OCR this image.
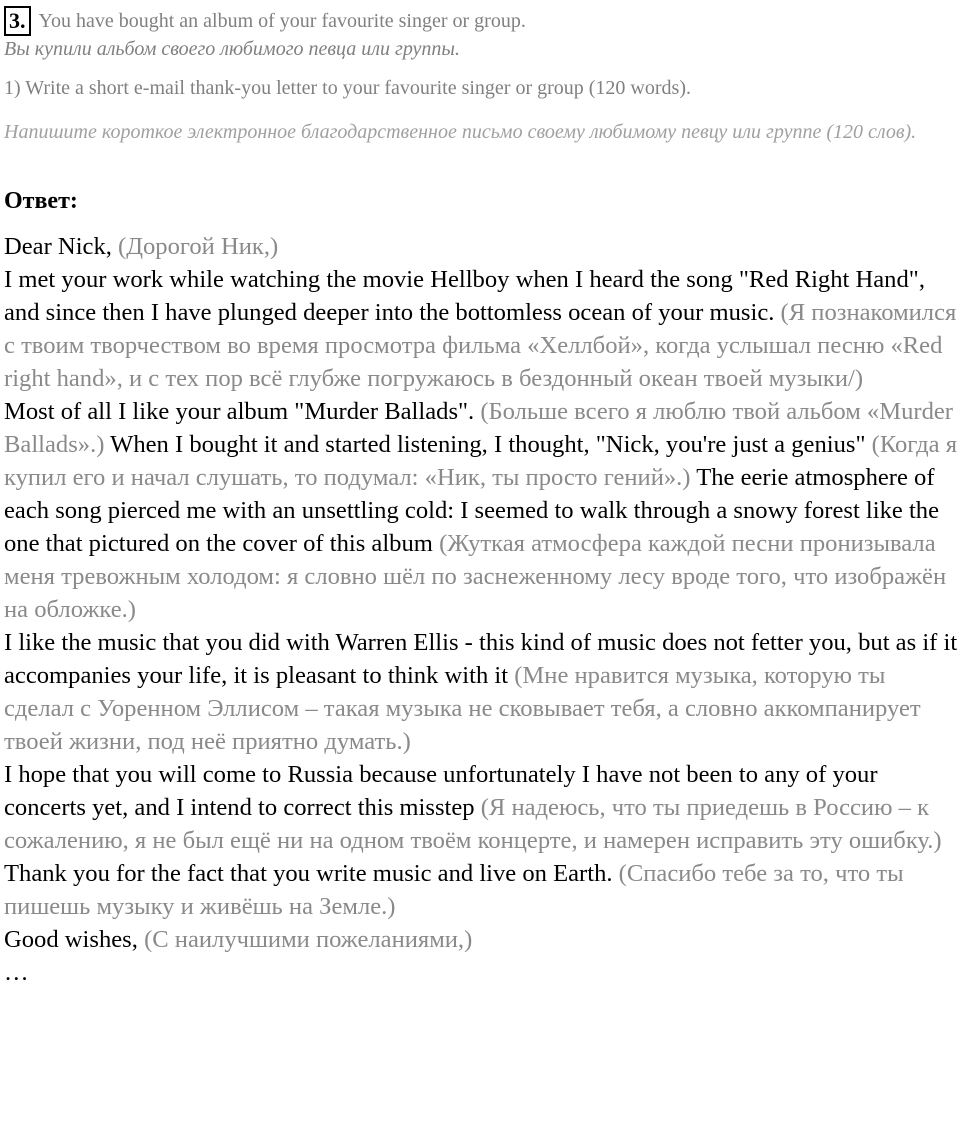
3. You have bought an album of your favourite singer or group.
Вы купили альбом своего любимого певца или группы.
1) Write a short e-mail thank-you letter to your favourite singer or group (120 words).
Напишите короткое электронное благодарственное письмо своему любимому певцу или группе (120 слов).
Ответ:

Dear Nick, (Дорогой Ник,)

I met your work while watching the movie Hellboy when I heard the song "Red Right Hand", and since then I have plunged deeper into the bottomless ocean of your music. (Я познакомился с твоим творчеством во время просмотра фильма «Хеллбой», когда услышал песню «Red right hand», и с тех пор всё глубже погружаюсь в бездонный океан твоей музыки/)

Most of all I like your album "Murder Ballads". (Больше всего я люблю твой альбом «Murder Ballads».) When I bought it and started listening, I thought, "Nick, you're just a genius" (Когда я купил его и начал слушать, то подумал: «Ник, ты просто гений».) The eerie atmosphere of each song pierced me with an unsettling cold: I seemed to walk through a snowy forest like the one that pictured on the cover of this album (Жуткая атмосфера каждой песни пронизывала меня тревожным холодом: я словно шёл по заснеженному лесу вроде того, что изображён на обложке.)

I like the music that you did with Warren Ellis - this kind of music does not fetter you, but as if it accompanies your life, it is pleasant to think with it (Мне нравится музыка, которую ты сделал с Уоренном Эллисом – такая музыка не сковывает тебя, а словно аккомпанирует твоей жизни, под неё приятно думать.)

I hope that you will come to Russia because unfortunately I have not been to any of your concerts yet, and I intend to correct this misstep (Я надеюсь, что ты приедешь в Россию – к сожалению, я не был ещё ни на одном твоём концерте, и намерен исправить эту ошибку.)

Thank you for the fact that you write music and live on Earth. (Спасибо тебе за то, что ты пишешь музыку и живёшь на Земле.)

Good wishes, (С наилучшими пожеланиями,)

…
